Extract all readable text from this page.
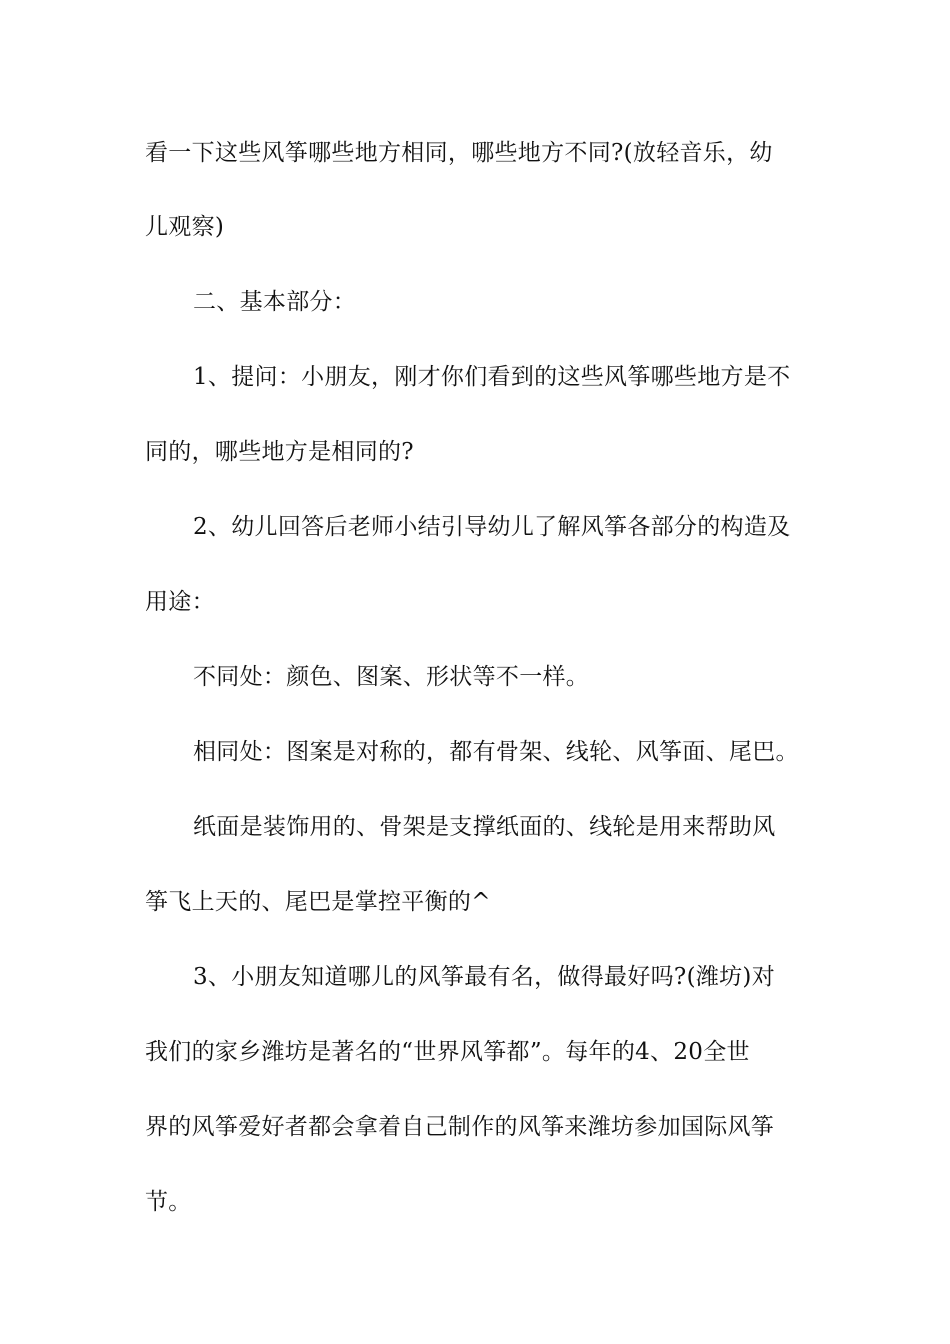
看一下这些风筝哪些地方相同，哪些地方不同?(放轻音乐，幼
儿观察)
二、基本部分：
1、提问：小朋友，刚才你们看到的这些风筝哪些地方是不
同的，哪些地方是相同的?
2、幼儿回答后老师小结引导幼儿了解风筝各部分的构造及
用途：
不同处：颜色、图案、形状等不一样。
相同处：图案是对称的，都有骨架、线轮、风筝面、尾巴。
纸面是装饰用的、骨架是支撑纸面的、线轮是用来帮助风
筝飞上天的、尾巴是掌控平衡的^
3、小朋友知道哪儿的风筝最有名，做得最好吗?(潍坊)对
我们的家乡潍坊是著名的“世界风筝都”。每年的4、20全世
界的风筝爱好者都会拿着自己制作的风筝来潍坊参加国际风筝
节。
